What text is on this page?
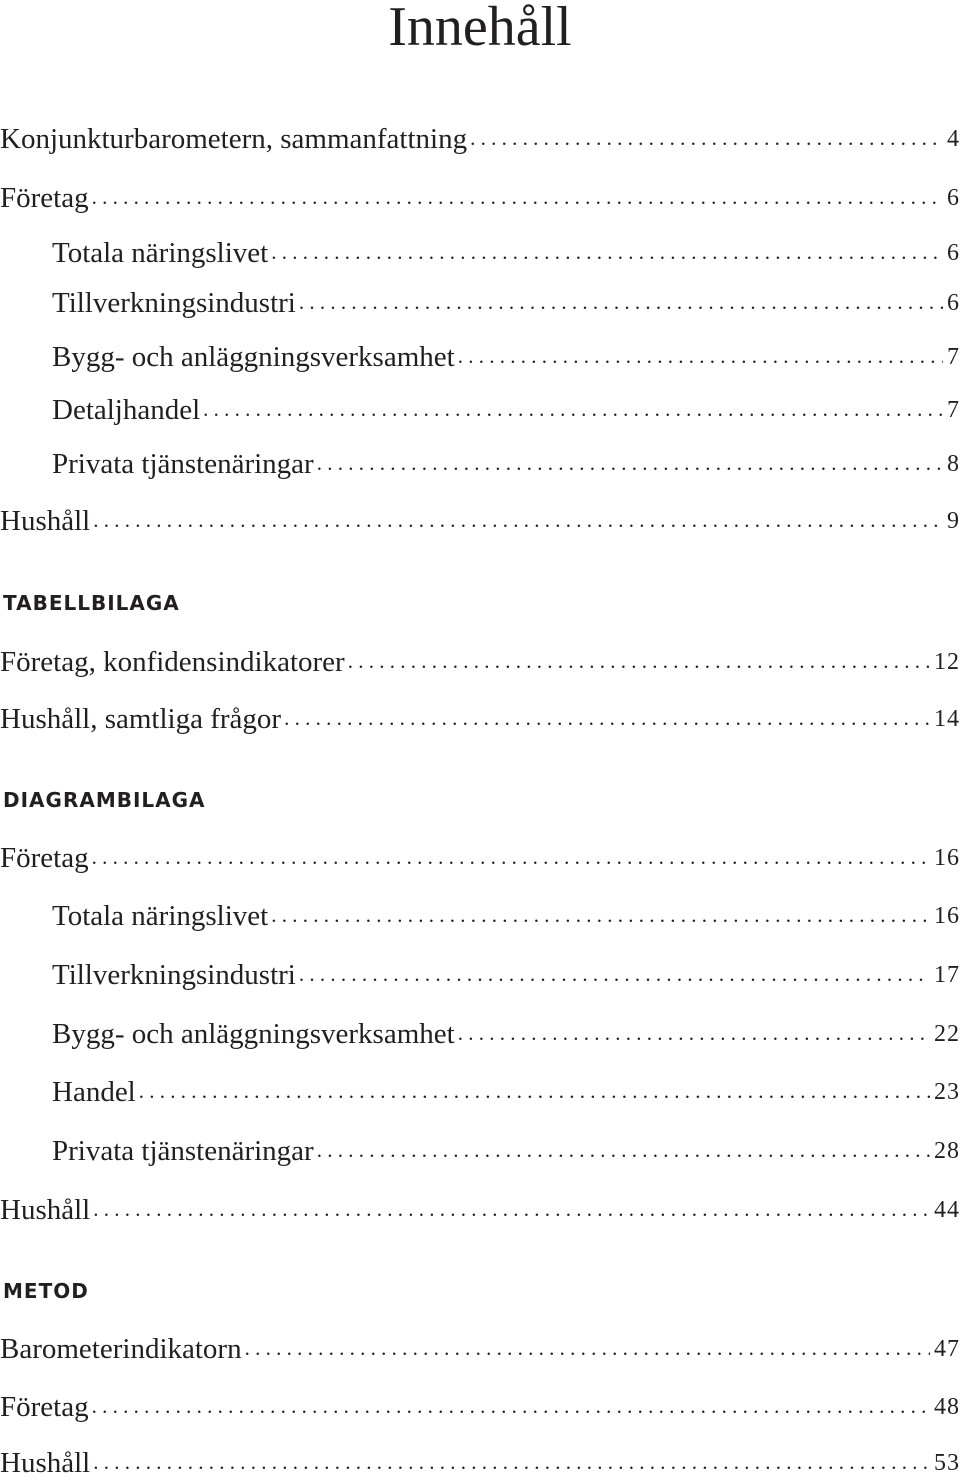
Innehåll
Konjunkturbarometern, sammanfattning . . .	4
Företag . . .	6
Totala näringslivet . . .	6
Tillverkningsindustri . . .	6
Bygg- och anläggningsverksamhet . . .	7
Detaljhandel . . .	7
Privata tjänstenäringar . . .	8
Hushåll . . .	9
TABELLBILAGA
Företag, konfidensindikatorer . . .	12
Hushåll, samtliga frågor . . .	14
DIAGRAMBILAGA
Företag . . .	16
Totala näringslivet . . .	16
Tillverkningsindustri . . .	17
Bygg- och anläggningsverksamhet . . .	22
Handel . . .	23
Privata tjänstenäringar . . .	28
Hushåll . . .	44
METOD
Barometerindikatorn . . .	47
Företag . . .	48
Hushåll . . .	53
